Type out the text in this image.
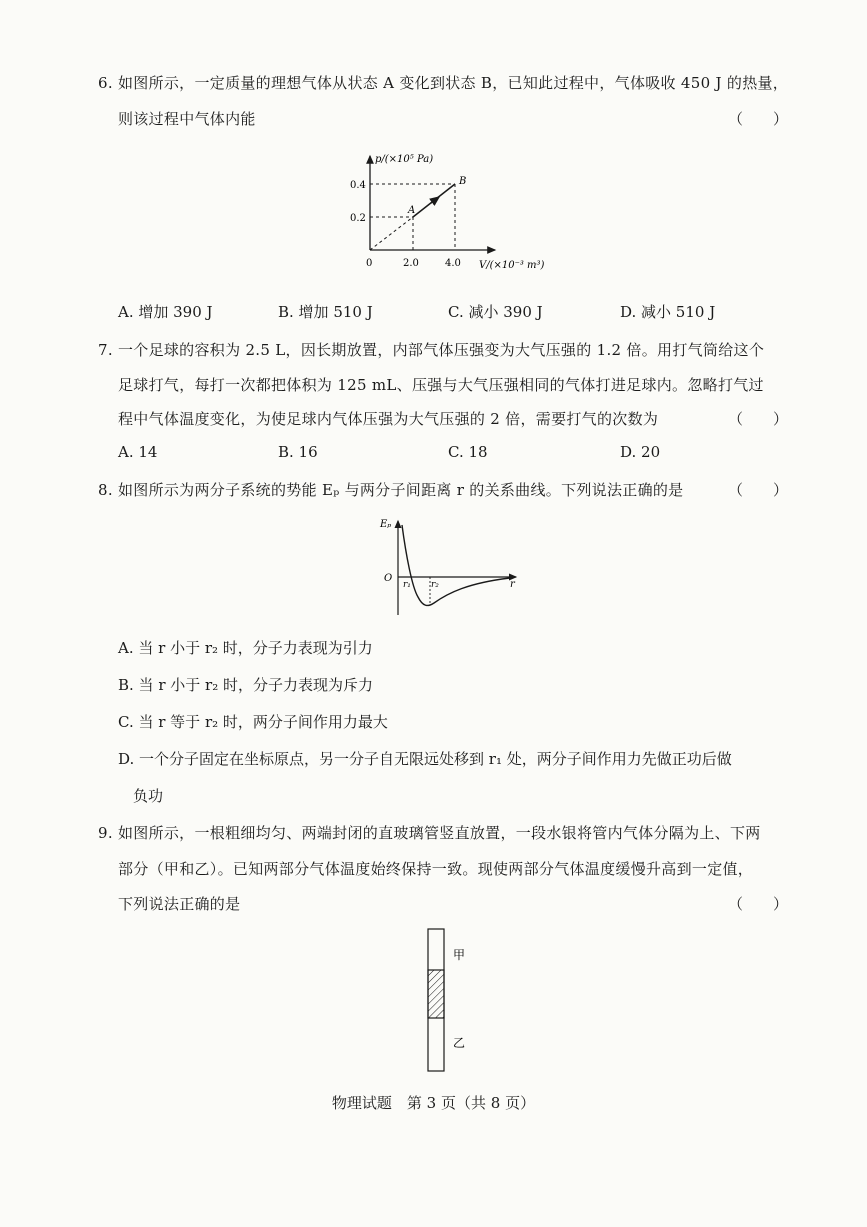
6. 如图所示，一定质量的理想气体从状态 A 变化到状态 B，已知此过程中，气体吸收 450 J 的热量，
则该过程中气体内能	（　　）
p/(×10⁵ Pa)
V/(×10⁻³ m³)
0.4
0.2
2.0	4.0
0
A
B
A. 增加 390 J	B. 增加 510 J	C. 减小 390 J	D. 减小 510 J
7. 一个足球的容积为 2.5 L，因长期放置，内部气体压强变为大气压强的 1.2 倍。用打气筒给这个
足球打气，每打一次都把体积为 125 mL、压强与大气压强相同的气体打进足球内。忽略打气过
程中气体温度变化，为使足球内气体压强为大气压强的 2 倍，需要打气的次数为	（　　）
A. 14	B. 16	C. 18	D. 20
8. 如图所示为两分子系统的势能 Eₚ 与两分子间距离 r 的关系曲线。下列说法正确的是	（　　）
Eₚ
O
r₁ r₂	r
A. 当 r 小于 r₂ 时，分子力表现为引力
B. 当 r 小于 r₂ 时，分子力表现为斥力
C. 当 r 等于 r₂ 时，两分子间作用力最大
D. 一个分子固定在坐标原点，另一分子自无限远处移到 r₁ 处，两分子间作用力先做正功后做
负功
9. 如图所示，一根粗细均匀、两端封闭的直玻璃管竖直放置，一段水银将管内气体分隔为上、下两
部分（甲和乙）。已知两部分气体温度始终保持一致。现使两部分气体温度缓慢升高到一定值，
下列说法正确的是	（　　）
甲
乙
物理试题　第 3 页（共 8 页）
